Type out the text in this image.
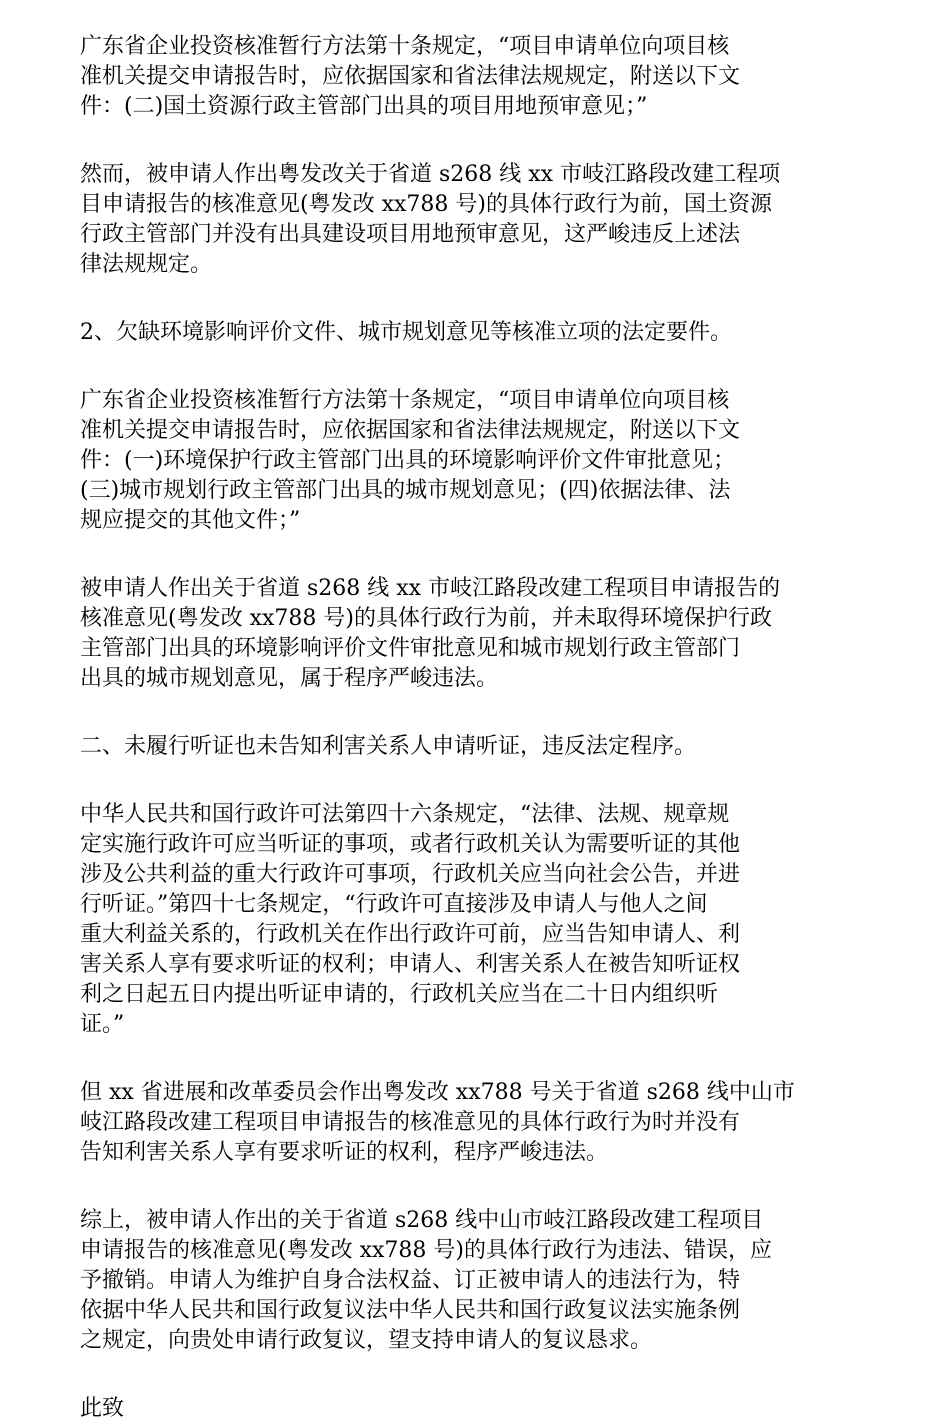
广东省企业投资核准暂行方法第十条规定，“项目申请单位向项目核
准机关提交申请报告时，应依据国家和省法律法规规定，附送以下文
件：(二)国土资源行政主管部门出具的项目用地预审意见；”

然而，被申请人作出粤发改关于省道 s268 线 xx 市岐江路段改建工程项
目申请报告的核准意见(粤发改 xx788 号)的具体行政行为前，国土资源
行政主管部门并没有出具建设项目用地预审意见，这严峻违反上述法
律法规规定。

2、欠缺环境影响评价文件、城市规划意见等核准立项的法定要件。

广东省企业投资核准暂行方法第十条规定，“项目申请单位向项目核
准机关提交申请报告时，应依据国家和省法律法规规定，附送以下文
件：(一)环境保护行政主管部门出具的环境影响评价文件审批意见；
(三)城市规划行政主管部门出具的城市规划意见；(四)依据法律、法
规应提交的其他文件；”

被申请人作出关于省道 s268 线 xx 市岐江路段改建工程项目申请报告的
核准意见(粤发改 xx788 号)的具体行政行为前，并未取得环境保护行政
主管部门出具的环境影响评价文件审批意见和城市规划行政主管部门
出具的城市规划意见，属于程序严峻违法。

二、未履行听证也未告知利害关系人申请听证，违反法定程序。

中华人民共和国行政许可法第四十六条规定，“法律、法规、规章规
定实施行政许可应当听证的事项，或者行政机关认为需要听证的其他
涉及公共利益的重大行政许可事项，行政机关应当向社会公告，并进
行听证。”第四十七条规定，“行政许可直接涉及申请人与他人之间
重大利益关系的，行政机关在作出行政许可前，应当告知申请人、利
害关系人享有要求听证的权利；申请人、利害关系人在被告知听证权
利之日起五日内提出听证申请的，行政机关应当在二十日内组织听
证。”

但 xx 省进展和改革委员会作出粤发改 xx788 号关于省道 s268 线中山市
岐江路段改建工程项目申请报告的核准意见的具体行政行为时并没有
告知利害关系人享有要求听证的权利，程序严峻违法。

综上，被申请人作出的关于省道 s268 线中山市岐江路段改建工程项目
申请报告的核准意见(粤发改 xx788 号)的具体行政行为违法、错误，应
予撤销。申请人为维护自身合法权益、订正被申请人的违法行为，特
依据中华人民共和国行政复议法中华人民共和国行政复议法实施条例
之规定，向贵处申请行政复议，望支持申请人的复议恳求。

此致
